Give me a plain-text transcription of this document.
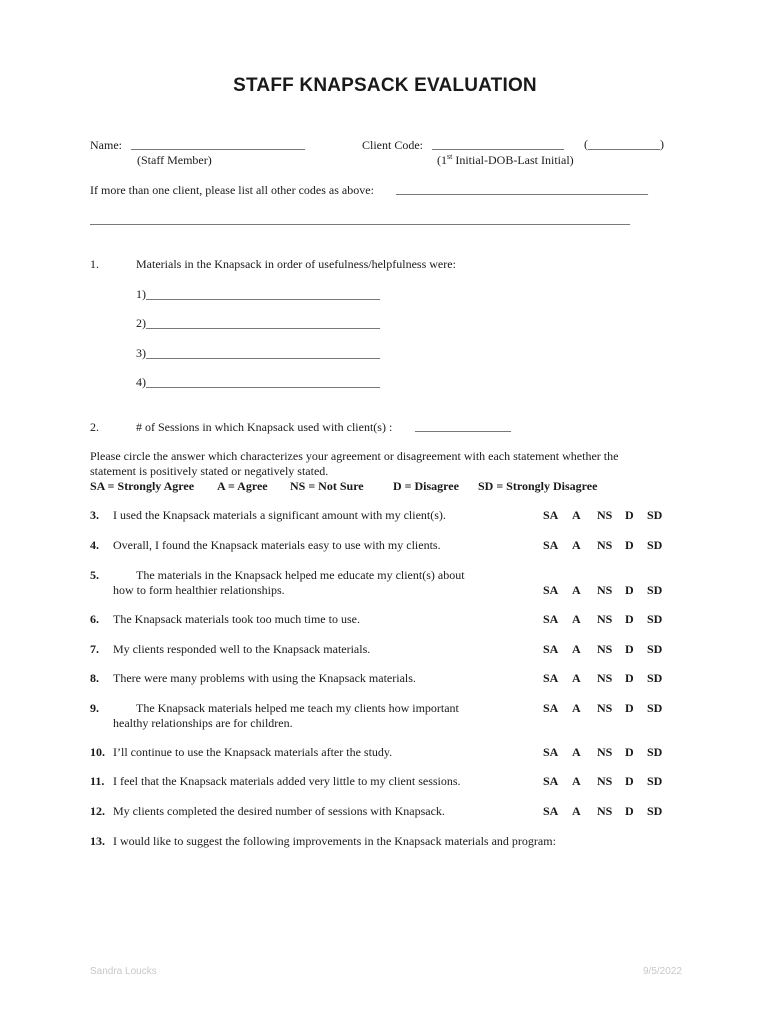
STAFF KNAPSACK EVALUATION
Name: _____________________________
(Staff Member)
Client Code: ______________________ (____________)
(1st Initial-DOB-Last Initial)
If more than one client, please list all other codes as above: __________________________________________
__________________________________________________________________________________________
1.	Materials in the Knapsack in order of usefulness/helpfulness were:
1)_______________________________________
2)_______________________________________
3)_______________________________________
4)_______________________________________
2.	# of Sessions in which Knapsack used with client(s) : ________________
Please circle the answer which characterizes your agreement or disagreement with each statement whether the
statement is positively stated or negatively stated.
SA = Strongly Agree A = Agree NS = Not Sure D = Disagree SD = Strongly Disagree
3. I used the Knapsack materials a significant amount with my client(s).	SA A NS D SD
4. Overall, I found the Knapsack materials easy to use with my clients.	SA A NS D SD
5.	The materials in the Knapsack helped me educate my client(s) about
how to form healthier relationships.	SA A NS D SD
6. The Knapsack materials took too much time to use.	SA A NS D SD
7. My clients responded well to the Knapsack materials.	SA A NS D SD
8. There were many problems with using the Knapsack materials.	SA A NS D SD
9.	The Knapsack materials helped me teach my clients how important
healthy relationships are for children.
SA A NS D SD
10. I’ll continue to use the Knapsack materials after the study.	SA A NS D SD
11. I feel that the Knapsack materials added very little to my client sessions.	SA A NS D SD
12. My clients completed the desired number of sessions with Knapsack.	SA A NS D SD
13. I would like to suggest the following improvements in the Knapsack materials and program:
Sandra Loucks	9/5/2022
